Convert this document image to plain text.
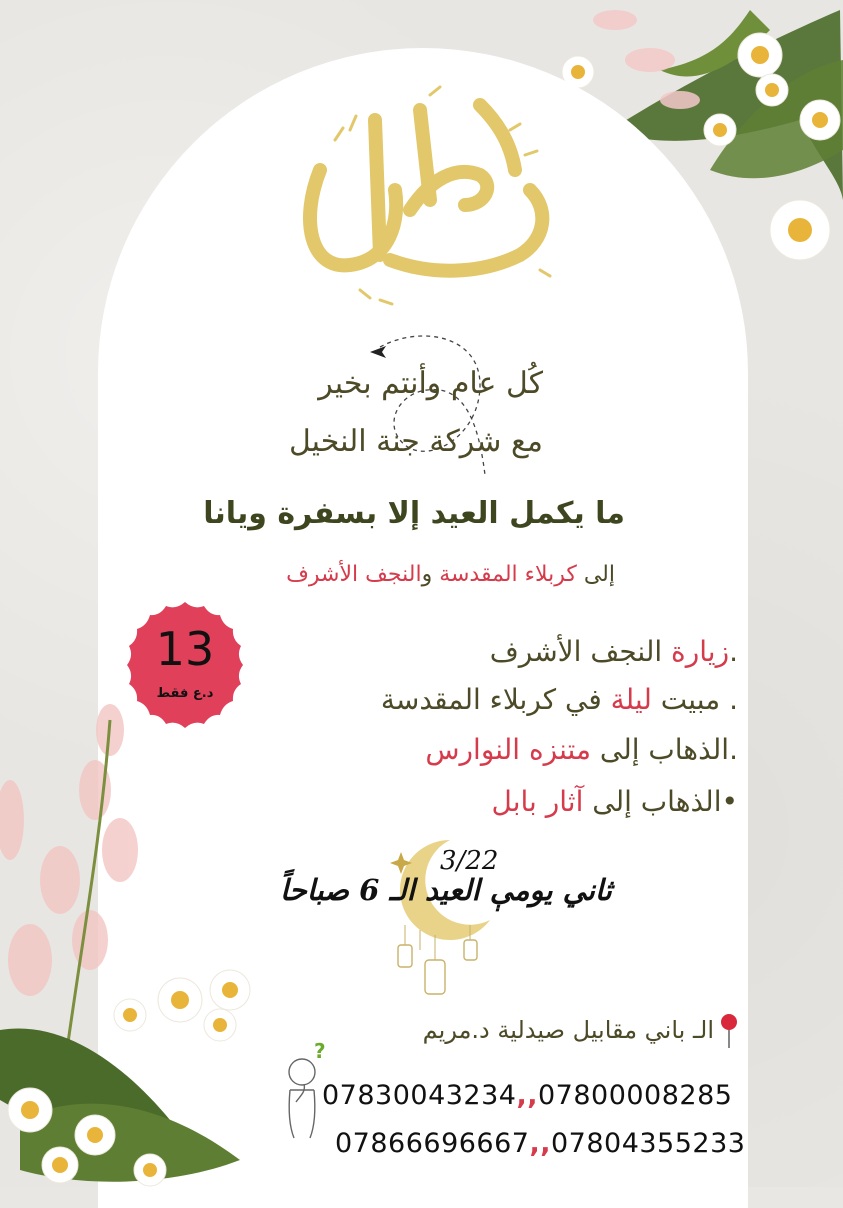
كُل عام وأنتم بخير
مع شركة جنة النخيل
ما يكمل العيد إلا بسفرة ويانا
إلى كربلاء المقدسة والنجف الأشرف
13
د.ع فقط
.زيارة النجف الأشرف
. مبيت ليلة في كربلاء المقدسة
.الذهاب إلى متنزه النوارس
•الذهاب إلى آثار بابل
3/22
ثاني يومې العيد الـ 6 صباحاً
الـ باني مقابيل صيدلية د.مريم
?
07830043234,,07800008285
07866696667,,07804355233
